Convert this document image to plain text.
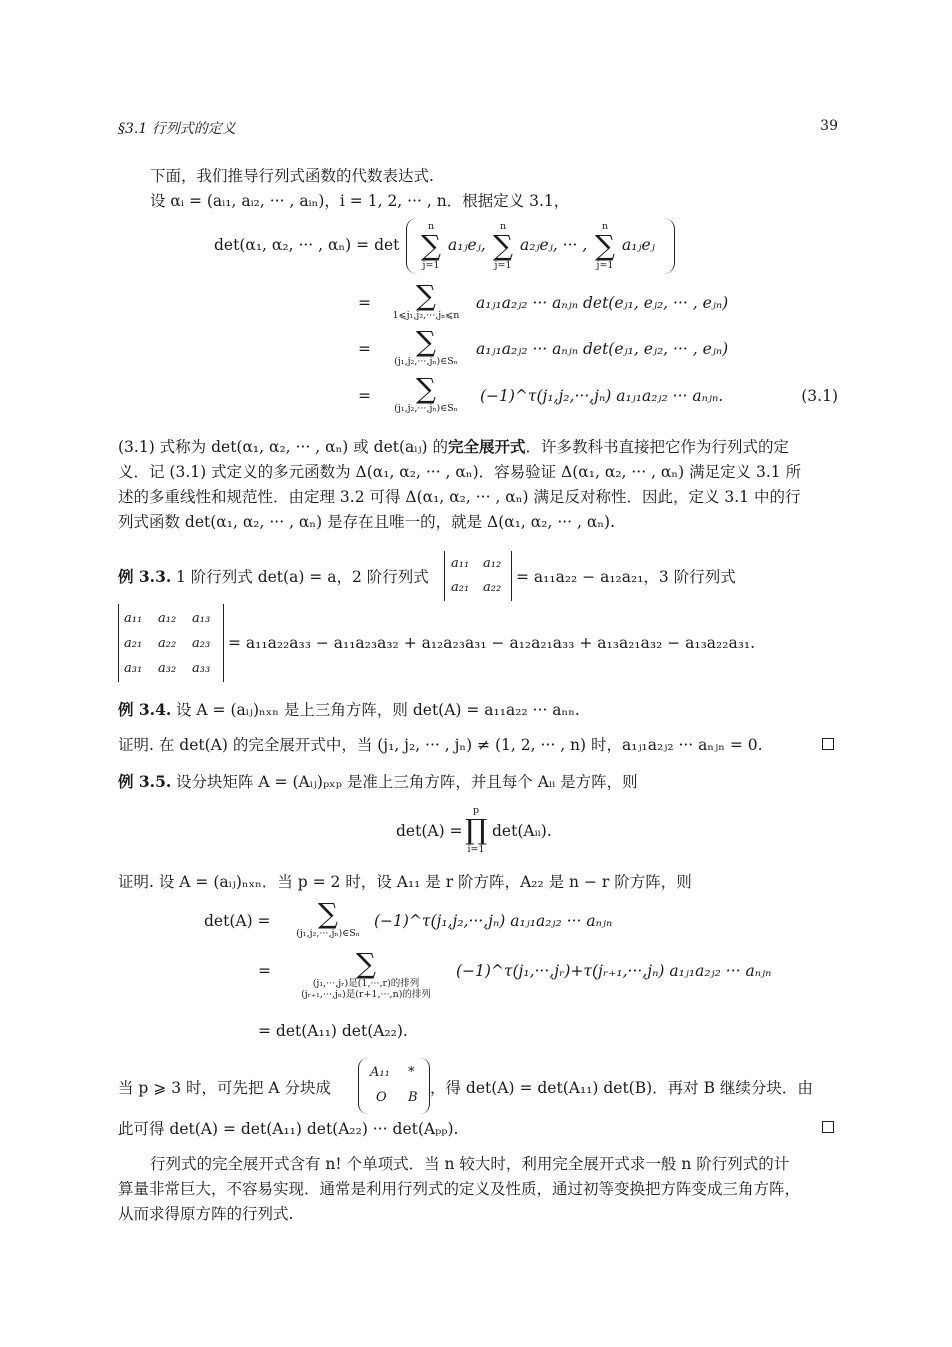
§3.1 行列式的定义	39
下面，我们推导行列式函数的代数表达式.
设 αᵢ = (aᵢ₁, aᵢ₂, ··· , aᵢₙ)，i = 1, 2, ··· , n．根据定义 3.1，
det(α₁, α₂, ··· , αₙ) = det
n
∑
j=1
a₁ⱼeⱼ,
n
∑
j=1
a₂ⱼeⱼ, ··· ,
n
∑
j=1
a₁ⱼeⱼ
=	∑
1⩽j₁,j₂,···,jₙ⩽n
a₁ⱼ₁a₂ⱼ₂ ··· aₙⱼₙ det(eⱼ₁, eⱼ₂, ··· , eⱼₙ)
=	∑
(j₁,j₂,···,jₙ)∈Sₙ
a₁ⱼ₁a₂ⱼ₂ ··· aₙⱼₙ det(eⱼ₁, eⱼ₂, ··· , eⱼₙ)
=	∑
(j₁,j₂,···,jₙ)∈Sₙ
(−1)^τ(j₁,j₂,···,jₙ) a₁ⱼ₁a₂ⱼ₂ ··· aₙⱼₙ.	(3.1)
(3.1) 式称为 det(α₁, α₂, ··· , αₙ) 或 det(aᵢⱼ) 的完全展开式．许多教科书直接把它作为行列式的定
义．记 (3.1) 式定义的多元函数为 Δ(α₁, α₂, ··· , αₙ)．容易验证 Δ(α₁, α₂, ··· , αₙ) 满足定义 3.1 所
述的多重线性和规范性．由定理 3.2 可得 Δ(α₁, α₂, ··· , αₙ) 满足反对称性．因此，定义 3.1 中的行
列式函数 det(α₁, α₂, ··· , αₙ) 是存在且唯一的，就是 Δ(α₁, α₂, ··· , αₙ).
例 3.3. 1 阶行列式 det(a) = a，2 阶行列式
a₁₁ a₁₂
a₂₁ a₂₂
= a₁₁a₂₂ − a₁₂a₂₁，3 阶行列式
a₁₁ a₁₂ a₁₃
a₂₁ a₂₂ a₂₃
a₃₁ a₃₂ a₃₃
= a₁₁a₂₂a₃₃ − a₁₁a₂₃a₃₂ + a₁₂a₂₃a₃₁ − a₁₂a₂₁a₃₃ + a₁₃a₂₁a₃₂ − a₁₃a₂₂a₃₁.
例 3.4. 设 A = (aᵢⱼ)ₙₓₙ 是上三角方阵，则 det(A) = a₁₁a₂₂ ··· aₙₙ.
证明. 在 det(A) 的完全展开式中，当 (j₁, j₂, ··· , jₙ) ≠ (1, 2, ··· , n) 时，a₁ⱼ₁a₂ⱼ₂ ··· aₙⱼₙ = 0.
例 3.5. 设分块矩阵 A = (Aᵢⱼ)ₚₓₚ 是准上三角方阵，并且每个 Aᵢᵢ 是方阵，则
det(A) =
p
∏
i=1
det(Aᵢᵢ).
证明. 设 A = (aᵢⱼ)ₙₓₙ．当 p = 2 时，设 A₁₁ 是 r 阶方阵，A₂₂ 是 n − r 阶方阵，则
det(A) =	∑
(j₁,j₂,···,jₙ)∈Sₙ
(−1)^τ(j₁,j₂,···,jₙ) a₁ⱼ₁a₂ⱼ₂ ··· aₙⱼₙ
=	∑
(j₁,···,jᵣ)是(1,···,r)的排列
(jᵣ₊₁,···,jₙ)是(r+1,···,n)的排列
(−1)^τ(j₁,···,jᵣ)+τ(jᵣ₊₁,···,jₙ) a₁ⱼ₁a₂ⱼ₂ ··· aₙⱼₙ
= det(A₁₁) det(A₂₂).
当 p ⩾ 3 时，可先把 A 分块成
A₁₁ *
O B
，得 det(A) = det(A₁₁) det(B)．再对 B 继续分块．由
此可得 det(A) = det(A₁₁) det(A₂₂) ··· det(Aₚₚ).
行列式的完全展开式含有 n! 个单项式．当 n 较大时，利用完全展开式求一般 n 阶行列式的计
算量非常巨大，不容易实现．通常是利用行列式的定义及性质，通过初等变换把方阵变成三角方阵，
从而求得原方阵的行列式.
